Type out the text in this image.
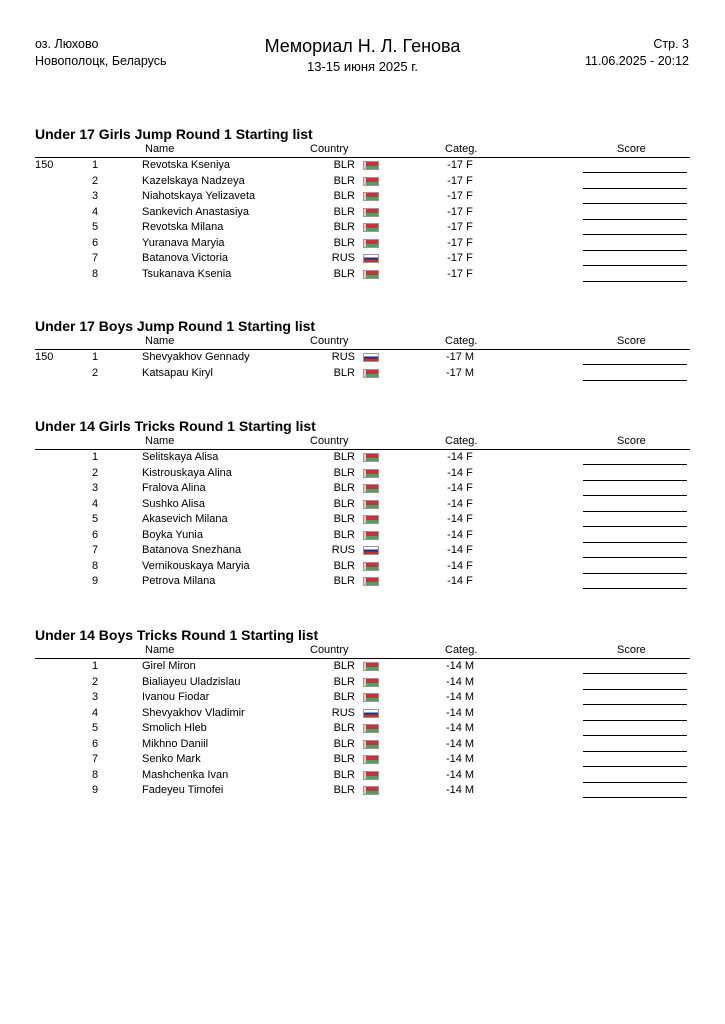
оз. Люхово
Новополоцк, Беларусь
Мемориал Н. Л. Генова
13-15 июня 2025 г.
Стр. 3
11.06.2025 - 20:12
Under 17 Girls Jump Round 1 Starting list
Name	Country	Categ.	Score
150	1	Revotska Kseniya	BLR	-17 F
2	Kazelskaya Nadzeya	BLR	-17 F
3	Niahotskaya Yelizaveta	BLR	-17 F
4	Sankevich Anastasiya	BLR	-17 F
5	Revotska Milana	BLR	-17 F
6	Yuranava Maryia	BLR	-17 F
7	Batanova Victoria	RUS	-17 F
8	Tsukanava Ksenia	BLR	-17 F
Under 17 Boys Jump Round 1 Starting list
Name	Country	Categ.	Score
150	1	Shevyakhov Gennady	RUS	-17 M
2	Katsapau Kiryl	BLR	-17 M
Under 14 Girls Tricks Round 1 Starting list
Name	Country	Categ.	Score
1	Selitskaya Alisa	BLR	-14 F
2	Kistrouskaya Alina	BLR	-14 F
3	Fralova Alina	BLR	-14 F
4	Sushko Alisa	BLR	-14 F
5	Akasevich Milana	BLR	-14 F
6	Boyka Yunia	BLR	-14 F
7	Batanova Snezhana	RUS	-14 F
8	Vernikouskaya Maryia	BLR	-14 F
9	Petrova Milana	BLR	-14 F
Under 14 Boys Tricks Round 1 Starting list
Name	Country	Categ.	Score
1	Girel Miron	BLR	-14 M
2	Bialiayeu Uladzislau	BLR	-14 M
3	Ivanou Fiodar	BLR	-14 M
4	Shevyakhov Vladimir	RUS	-14 M
5	Smolich Hleb	BLR	-14 M
6	Mikhno Daniil	BLR	-14 M
7	Senko Mark	BLR	-14 M
8	Mashchenka Ivan	BLR	-14 M
9	Fadeyeu Timofei	BLR	-14 M
